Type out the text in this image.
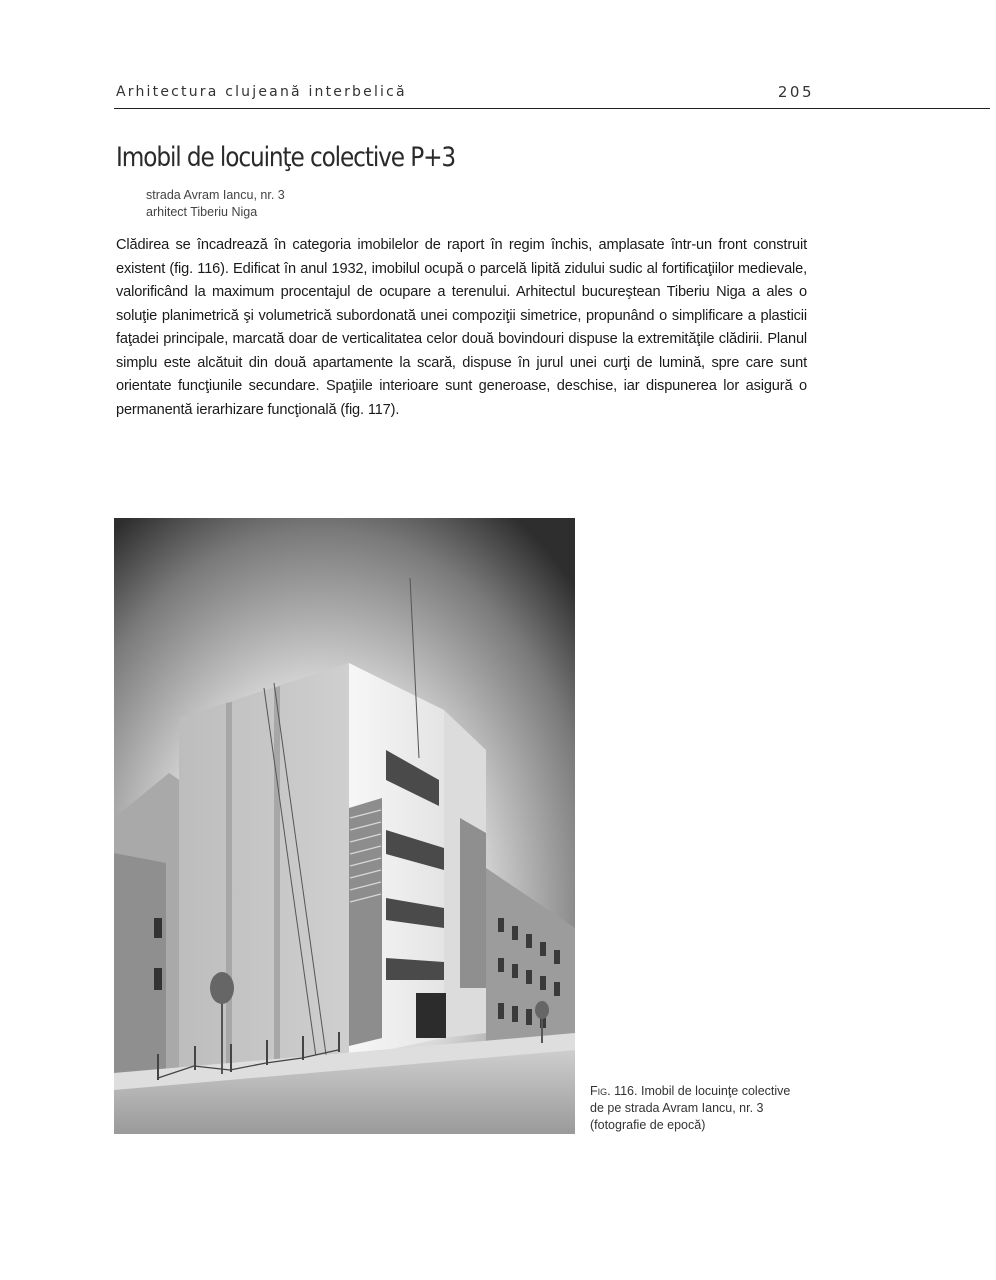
Arhitectura clujeană interbelică	205
Imobil de locuinţe colective P+3
strada Avram Iancu, nr. 3
arhitect Tiberiu Niga

Clădirea se încadrează în categoria imobilelor de raport în regim închis, amplasate într-un front construit existent (fig. 116). Edificat în anul 1932, imobilul ocupă o parcelă lipită zidului sudic al fortificaţiilor medievale, valorificând la maximum procentajul de ocupare a terenului. Arhitectul bucureştean Tiberiu Niga a ales o soluţie planimetrică şi volumetrică subordonată unei compoziţii simetrice, propunând o simplificare a plasticii faţadei principale, marcată doar de verticalitatea celor două bovindouri dispuse la extremităţile clădirii. Planul simplu este alcătuit din două apartamente la scară, dispuse în jurul unei curţi de lumină, spre care sunt orientate funcţiunile secundare. Spaţiile interioare sunt generoase, deschise, iar dispunerea lor asigură o permanentă ierarhizare funcţională (fig. 117).

Fig. 116. Imobil de locuinţe colective
de pe strada Avram Iancu, nr. 3
(fotografie de epocă)
